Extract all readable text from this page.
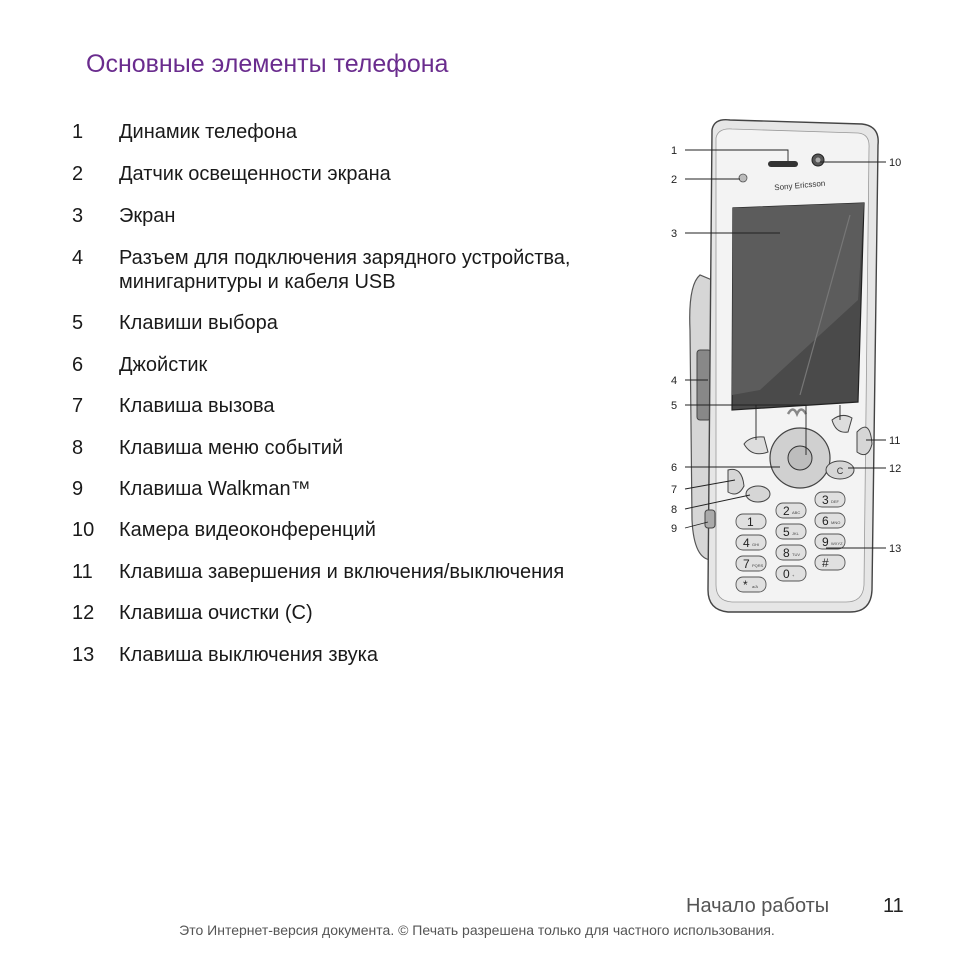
Основные элементы телефона
1	Динамик телефона
2	Датчик освещенности экрана
3	Экран
4	Разъем для подключения зарядного устройства, минигарнитуры и кабеля USB
5	Клавиши выбора
6	Джойстик
7	Клавиша вызова
8	Клавиша меню событий
9	Клавиша Walkman™
10	Камера видеоконференций
11	Клавиша завершения и включения/выключения
12	Клавиша очистки (C)
13	Клавиша выключения звука
Sony Ericsson
C
1
2 ABC
3 DEF
4 GHI
5 JKL
6 MNO
7 PQRS
8 TUV
9 WXYZ
* a/A
0 +
#
1
2
3
4
5
6
7
8
9
10
11
12
13
Начало работы	11
Это Интернет-версия документа. © Печать разрешена только для частного использования.
